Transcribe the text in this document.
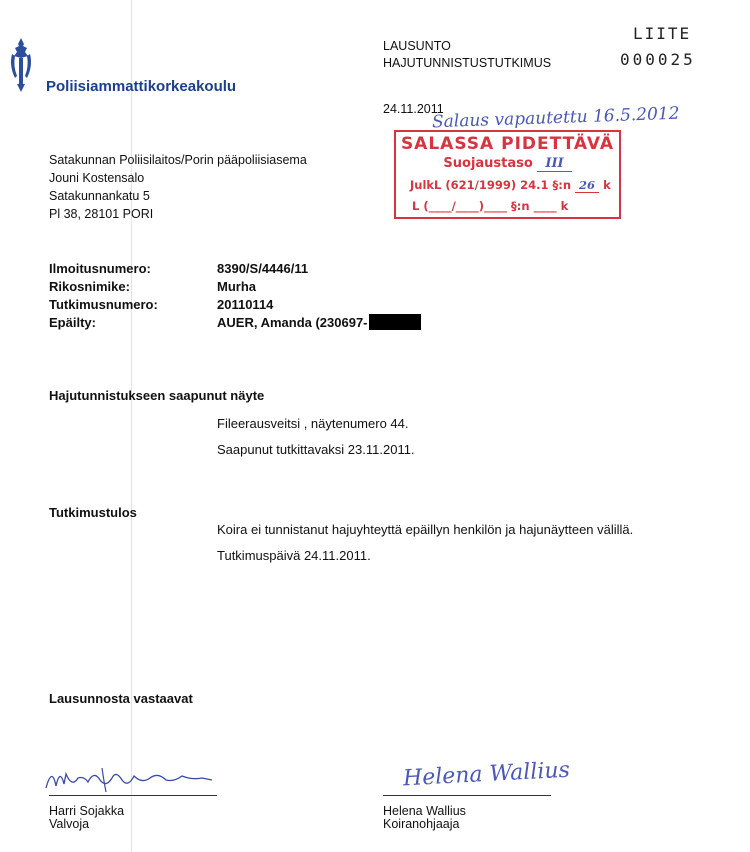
Poliisiammattikorkeakoulu
LAUSUNTO
HAJUTUNNISTUSTUTKIMUS
LIITE
000025
24.11.2011
Salaus vapautettu 16.5.2012
SALASSA PIDETTÄVÄ
Suojaustaso III
JulkL (621/1999) 24.1 §:n 26 k
L (____/____)____ §:n ____ k
Satakunnan Poliisilaitos/Porin pääpoliisiasema
Jouni Kostensalo
Satakunnankatu 5
Pl 38, 28101 PORI
Ilmoitusnumero:	8390/S/4446/11
Rikosnimike:	Murha
Tutkimusnumero:	20110114
Epäilty:	AUER, Amanda (230697-
Hajutunnistukseen saapunut näyte
Fileerausveitsi , näytenumero 44.
Saapunut tutkittavaksi 23.11.2011.
Tutkimustulos
Koira ei tunnistanut hajuyhteyttä epäillyn henkilön ja hajunäytteen välillä.
Tutkimuspäivä 24.11.2011.
Lausunnosta vastaavat
Harri Sojakka
Valvoja
Helena Wallius
Helena Wallius
Koiranohjaaja
